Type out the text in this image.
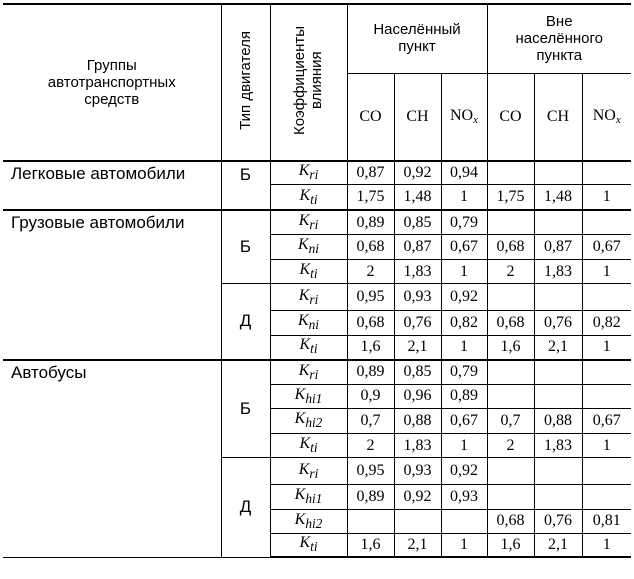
Группы автотранспортных средств	Тип двигателя	Коэффициенты влияния	Населённый пункт			Вне населённого пункта		
			CO	CH	$NO_x$	CO	CH	$NO_x$
Легковые автомобили	Б	$K_{ri}$	0,87	0,92	0,94			
		$K_{ti}$	1,75	1,48	1	1,75	1,48	1
Грузовые автомобили	Б	$K_{ri}$	0,89	0,85	0,79			
		$K_{ni}$	0,68	0,87	0,67	0,68	0,87	0,67
		$K_{ti}$	2	1,83	1	2	1,83	1
	Д	$K_{ri}$	0,95	0,93	0,92			
		$K_{ni}$	0,68	0,76	0,82	0,68	0,76	0,82
		$K_{ti}$	1,6	2,1	1	1,6	2,1	1
Автобусы	Б	$K_{ri}$	0,89	0,85	0,79			
		$K_{hi1}$	0,9	0,96	0,89			
		$K_{hi2}$	0,7	0,88	0,67	0,7	0,88	0,67
		$K_{ti}$	2	1,83	1	2	1,83	1
	Д	$K_{ri}$	0,95	0,93	0,92			
		$K_{hi1}$	0,89	0,92	0,93			
		$K_{hi2}$				0,68	0,76	0,81
		$K_{ti}$	1,6	2,1	1	1,6	2,1	1
